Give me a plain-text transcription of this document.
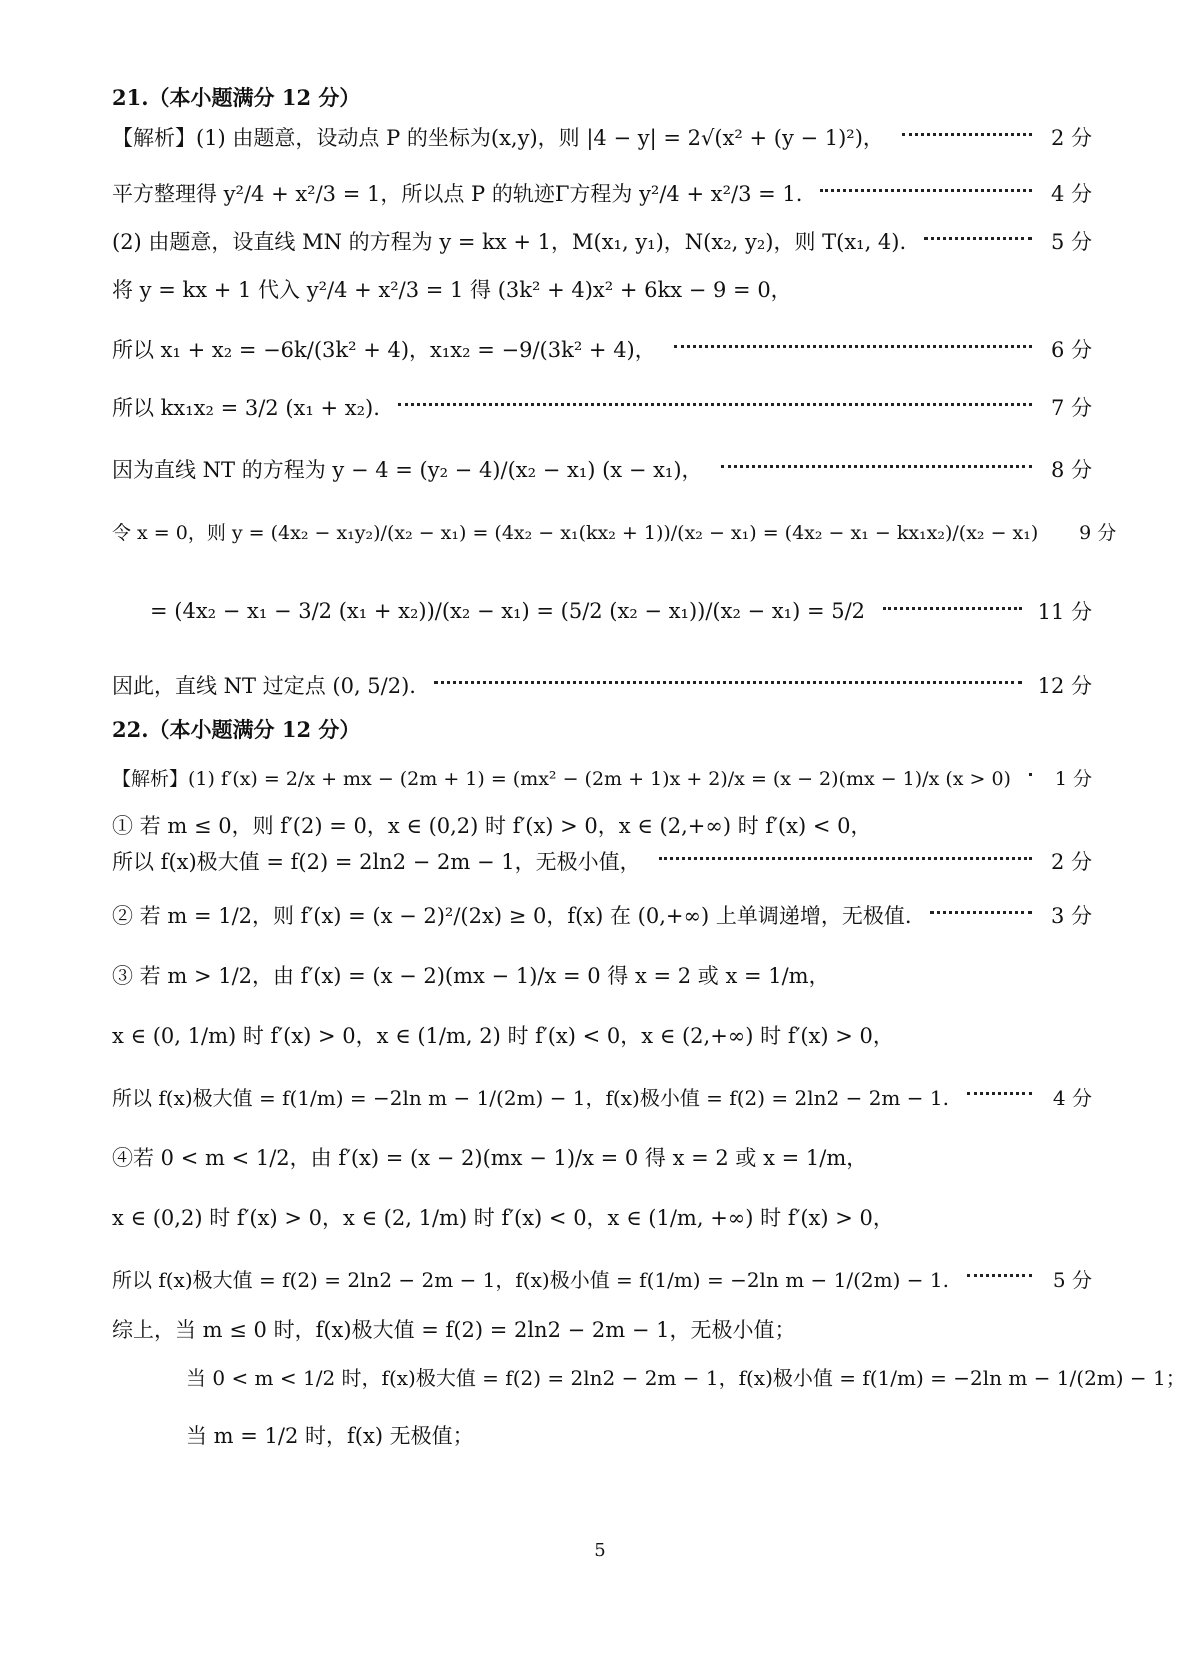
21.（本小题满分 12 分）
【解析】(1) 由题意，设动点 P 的坐标为(x,y)，则 |4 − y| = 2√(x² + (y − 1)²)，	2 分
平方整理得 y²/4 + x²/3 = 1，所以点 P 的轨迹Γ方程为 y²/4 + x²/3 = 1.	4 分
(2) 由题意，设直线 MN 的方程为 y = kx + 1，M(x₁, y₁)，N(x₂, y₂)，则 T(x₁, 4).	5 分
将 y = kx + 1 代入 y²/4 + x²/3 = 1 得 (3k² + 4)x² + 6kx − 9 = 0，
所以 x₁ + x₂ = −6k/(3k² + 4)，x₁x₂ = −9/(3k² + 4)，	6 分
所以 kx₁x₂ = 3/2 (x₁ + x₂).	7 分
因为直线 NT 的方程为 y − 4 = (y₂ − 4)/(x₂ − x₁) (x − x₁)，	8 分
令 x = 0，则 y = (4x₂ − x₁y₂)/(x₂ − x₁) = (4x₂ − x₁(kx₂ + 1))/(x₂ − x₁) = (4x₂ − x₁ − kx₁x₂)/(x₂ − x₁)	9 分
= (4x₂ − x₁ − 3/2 (x₁ + x₂))/(x₂ − x₁) = (5/2 (x₂ − x₁))/(x₂ − x₁) = 5/2	11 分
因此，直线 NT 过定点 (0, 5/2).	12 分
22.（本小题满分 12 分）
【解析】(1) f′(x) = 2/x + mx − (2m + 1) = (mx² − (2m + 1)x + 2)/x = (x − 2)(mx − 1)/x (x > 0)	1 分
① 若 m ≤ 0，则 f′(2) = 0，x ∈ (0,2) 时 f′(x) > 0，x ∈ (2,+∞) 时 f′(x) < 0，
所以 f(x)极大值 = f(2) = 2ln2 − 2m − 1，无极小值，	2 分
② 若 m = 1/2，则 f′(x) = (x − 2)²/(2x) ≥ 0，f(x) 在 (0,+∞) 上单调递增，无极值.	3 分
③ 若 m > 1/2，由 f′(x) = (x − 2)(mx − 1)/x = 0 得 x = 2 或 x = 1/m，
x ∈ (0, 1/m) 时 f′(x) > 0，x ∈ (1/m, 2) 时 f′(x) < 0，x ∈ (2,+∞) 时 f′(x) > 0，
所以 f(x)极大值 = f(1/m) = −2ln m − 1/(2m) − 1，f(x)极小值 = f(2) = 2ln2 − 2m − 1.	4 分
④若 0 < m < 1/2，由 f′(x) = (x − 2)(mx − 1)/x = 0 得 x = 2 或 x = 1/m，
x ∈ (0,2) 时 f′(x) > 0，x ∈ (2, 1/m) 时 f′(x) < 0，x ∈ (1/m, +∞) 时 f′(x) > 0，
所以 f(x)极大值 = f(2) = 2ln2 − 2m − 1，f(x)极小值 = f(1/m) = −2ln m − 1/(2m) − 1.	5 分
综上，当 m ≤ 0 时，f(x)极大值 = f(2) = 2ln2 − 2m − 1，无极小值；
当 0 < m < 1/2 时，f(x)极大值 = f(2) = 2ln2 − 2m − 1，f(x)极小值 = f(1/m) = −2ln m − 1/(2m) − 1；
当 m = 1/2 时，f(x) 无极值；
5
